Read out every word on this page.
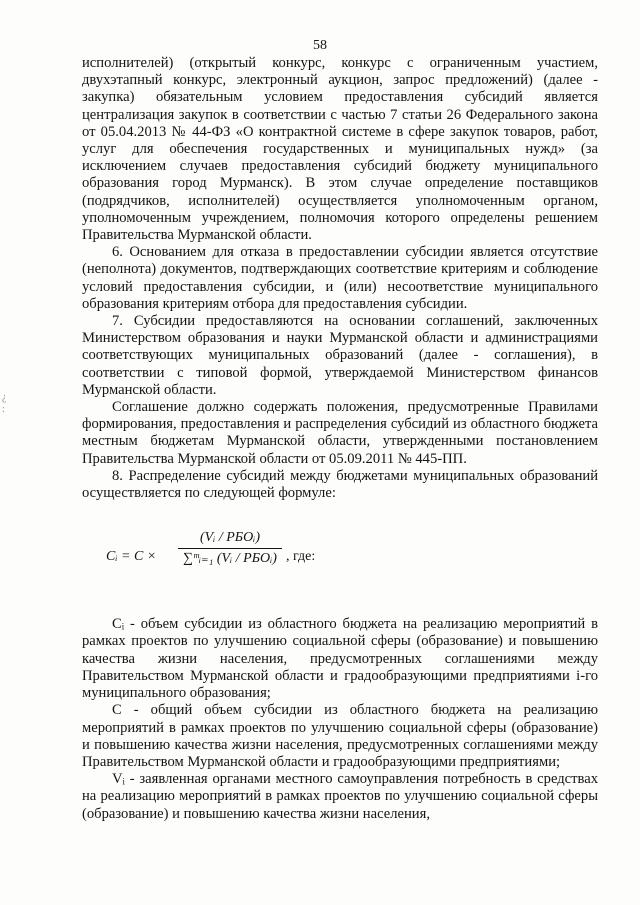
58
¿
:

исполнителей) (открытый конкурс, конкурс с ограниченным участием, двухэтапный конкурс, электронный аукцион, запрос предложений) (далее - закупка) обязательным условием предоставления субсидий является централизация закупок в соответствии с частью 7 статьи 26 Федерального закона от 05.04.2013 № 44-ФЗ «О контрактной системе в сфере закупок товаров, работ, услуг для обеспечения государственных и муниципальных нужд» (за исключением случаев предоставления субсидий бюджету муниципального образования город Мурманск). В этом случае определение поставщиков (подрядчиков, исполнителей) осуществляется уполномоченным органом, уполномоченным учреждением, полномочия которого определены решением Правительства Мурманской области.

6. Основанием для отказа в предоставлении субсидии является отсутствие (неполнота) документов, подтверждающих соответствие критериям и соблюдение условий предоставления субсидии, и (или) несоответствие муниципального образования критериям отбора для предоставления субсидии.

7. Субсидии предоставляются на основании соглашений, заключенных Министерством образования и науки Мурманской области и администрациями соответствующих муниципальных образований (далее - соглашения), в соответствии с типовой формой, утверждаемой Министерством финансов Мурманской области.

Соглашение должно содержать положения, предусмотренные Правилами формирования, предоставления и распределения субсидий из областного бюджета местным бюджетам Мурманской области, утвержденными постановлением Правительства Мурманской области от 05.09.2011 № 445-ПП.

8. Распределение субсидий между бюджетами муниципальных образований осуществляется по следующей формуле:

Cᵢ = C ×
(Vᵢ / РБОᵢ)
∑ᵐᵢ₌₁ (Vᵢ / РБОᵢ) , где:

Cᵢ - объем субсидии из областного бюджета на реализацию мероприятий в рамках проектов по улучшению социальной сферы (образование) и повышению качества жизни населения, предусмотренных соглашениями между Правительством Мурманской области и градообразующими предприятиями i-го муниципального образования;

С - общий объем субсидии из областного бюджета на реализацию мероприятий в рамках проектов по улучшению социальной сферы (образование) и повышению качества жизни населения, предусмотренных соглашениями между Правительством Мурманской области и градообразующими предприятиями;

Vᵢ - заявленная органами местного самоуправления потребность в средствах на реализацию мероприятий в рамках проектов по улучшению социальной сферы (образование) и повышению качества жизни населения,
